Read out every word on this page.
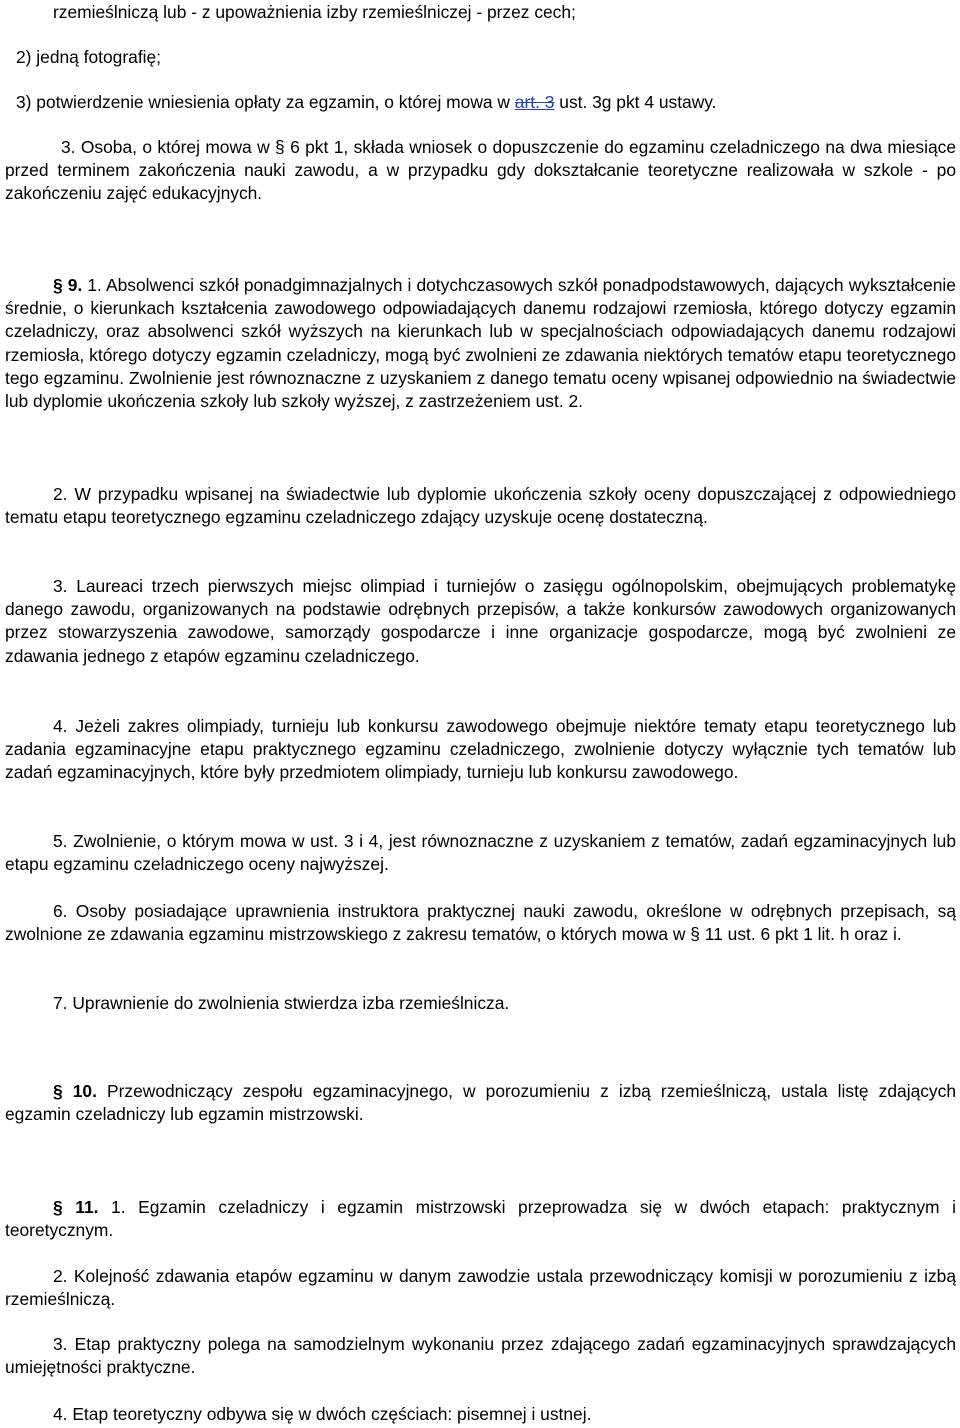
rzemieślniczą lub - z upoważnienia izby rzemieślniczej - przez cech;

2) jedną fotografię;

3) potwierdzenie wniesienia opłaty za egzamin, o której mowa w art. 3 ust. 3g pkt 4 ustawy.

3. Osoba, o której mowa w § 6 pkt 1, składa wniosek o dopuszczenie do egzaminu czeladniczego na dwa miesiące przed terminem zakończenia nauki zawodu, a w przypadku gdy dokształcanie teoretyczne realizowała w szkole - po zakończeniu zajęć edukacyjnych.

§ 9. 1. Absolwenci szkół ponadgimnazjalnych i dotychczasowych szkół ponadpodstawowych, dających wykształcenie średnie, o kierunkach kształcenia zawodowego odpowiadających danemu rodzajowi rzemiosła, którego dotyczy egzamin czeladniczy, oraz absolwenci szkół wyższych na kierunkach lub w specjalnościach odpowiadających danemu rodzajowi rzemiosła, którego dotyczy egzamin czeladniczy, mogą być zwolnieni ze zdawania niektórych tematów etapu teoretycznego tego egzaminu. Zwolnienie jest równoznaczne z uzyskaniem z danego tematu oceny wpisanej odpowiednio na świadectwie lub dyplomie ukończenia szkoły lub szkoły wyższej, z zastrzeżeniem ust. 2.

2. W przypadku wpisanej na świadectwie lub dyplomie ukończenia szkoły oceny dopuszczającej z odpowiedniego tematu etapu teoretycznego egzaminu czeladniczego zdający uzyskuje ocenę dostateczną.

3. Laureaci trzech pierwszych miejsc olimpiad i turniejów o zasięgu ogólnopolskim, obejmujących problematykę danego zawodu, organizowanych na podstawie odrębnych przepisów, a także konkursów zawodowych organizowanych przez stowarzyszenia zawodowe, samorządy gospodarcze i inne organizacje gospodarcze, mogą być zwolnieni ze zdawania jednego z etapów egzaminu czeladniczego.

4. Jeżeli zakres olimpiady, turnieju lub konkursu zawodowego obejmuje niektóre tematy etapu teoretycznego lub zadania egzaminacyjne etapu praktycznego egzaminu czeladniczego, zwolnienie dotyczy wyłącznie tych tematów lub zadań egzaminacyjnych, które były przedmiotem olimpiady, turnieju lub konkursu zawodowego.

5. Zwolnienie, o którym mowa w ust. 3 i 4, jest równoznaczne z uzyskaniem z tematów, zadań egzaminacyjnych lub etapu egzaminu czeladniczego oceny najwyższej.

6. Osoby posiadające uprawnienia instruktora praktycznej nauki zawodu, określone w odrębnych przepisach, są zwolnione ze zdawania egzaminu mistrzowskiego z zakresu tematów, o których mowa w § 11 ust. 6 pkt 1 lit. h oraz i.

7. Uprawnienie do zwolnienia stwierdza izba rzemieślnicza.

§ 10. Przewodniczący zespołu egzaminacyjnego, w porozumieniu z izbą rzemieślniczą, ustala listę zdających egzamin czeladniczy lub egzamin mistrzowski.

§ 11. 1. Egzamin czeladniczy i egzamin mistrzowski przeprowadza się w dwóch etapach: praktycznym i teoretycznym.

2. Kolejność zdawania etapów egzaminu w danym zawodzie ustala przewodniczący komisji w porozumieniu z izbą rzemieślniczą.

3. Etap praktyczny polega na samodzielnym wykonaniu przez zdającego zadań egzaminacyjnych sprawdzających umiejętności praktyczne.

4. Etap teoretyczny odbywa się w dwóch częściach: pisemnej i ustnej.
